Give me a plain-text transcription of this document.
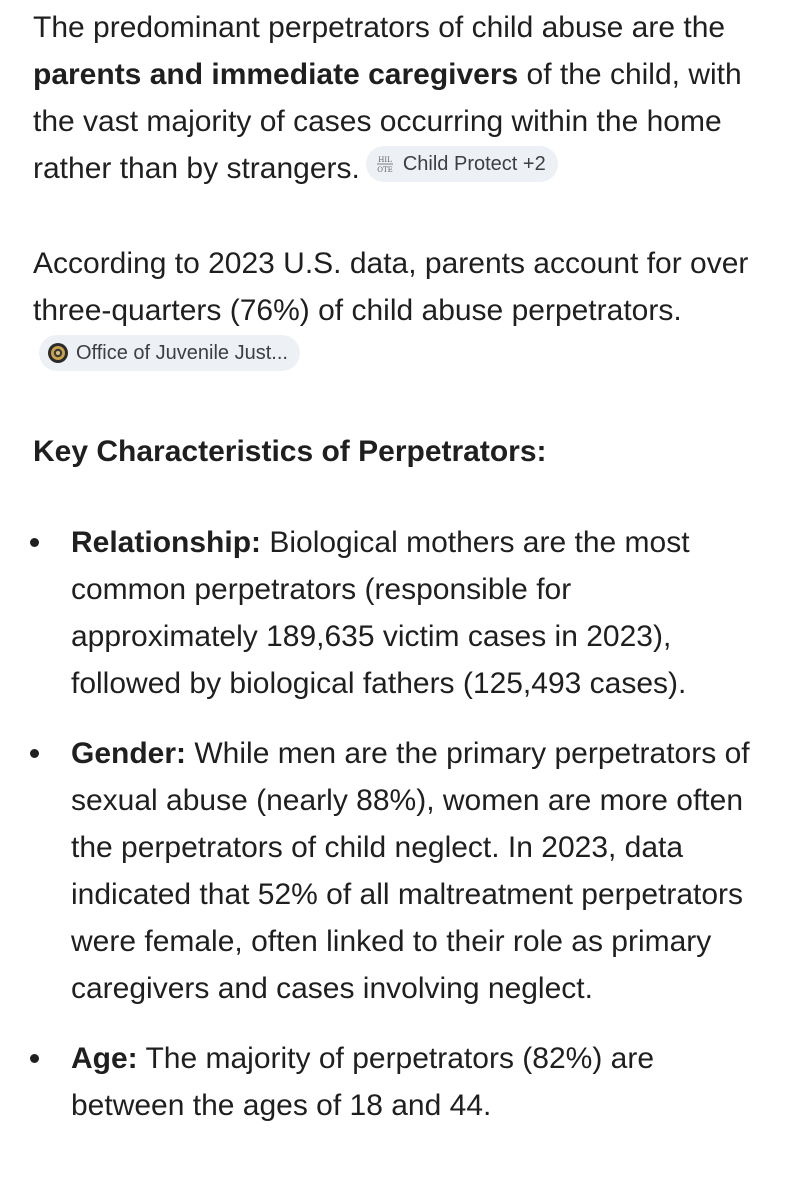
The predominant perpetrators of child abuse are the parents and immediate caregivers of the child, with the vast majority of cases occurring within the home rather than by strangers.	HIL
OTE Child Protect +2

According to 2023 U.S. data, parents account for over three-quarters (76%) of child abuse perpetrators.
Office of Juvenile Just...

Key Characteristics of Perpetrators:

Relationship: Biological mothers are the most common perpetrators (responsible for approximately 189,635 victim cases in 2023), followed by biological fathers (125,493 cases).
Gender: While men are the primary perpetrators of sexual abuse (nearly 88%), women are more often the perpetrators of child neglect. In 2023, data indicated that 52% of all maltreatment perpetrators were female, often linked to their role as primary caregivers and cases involving neglect.
Age: The majority of perpetrators (82%) are between the ages of 18 and 44.
